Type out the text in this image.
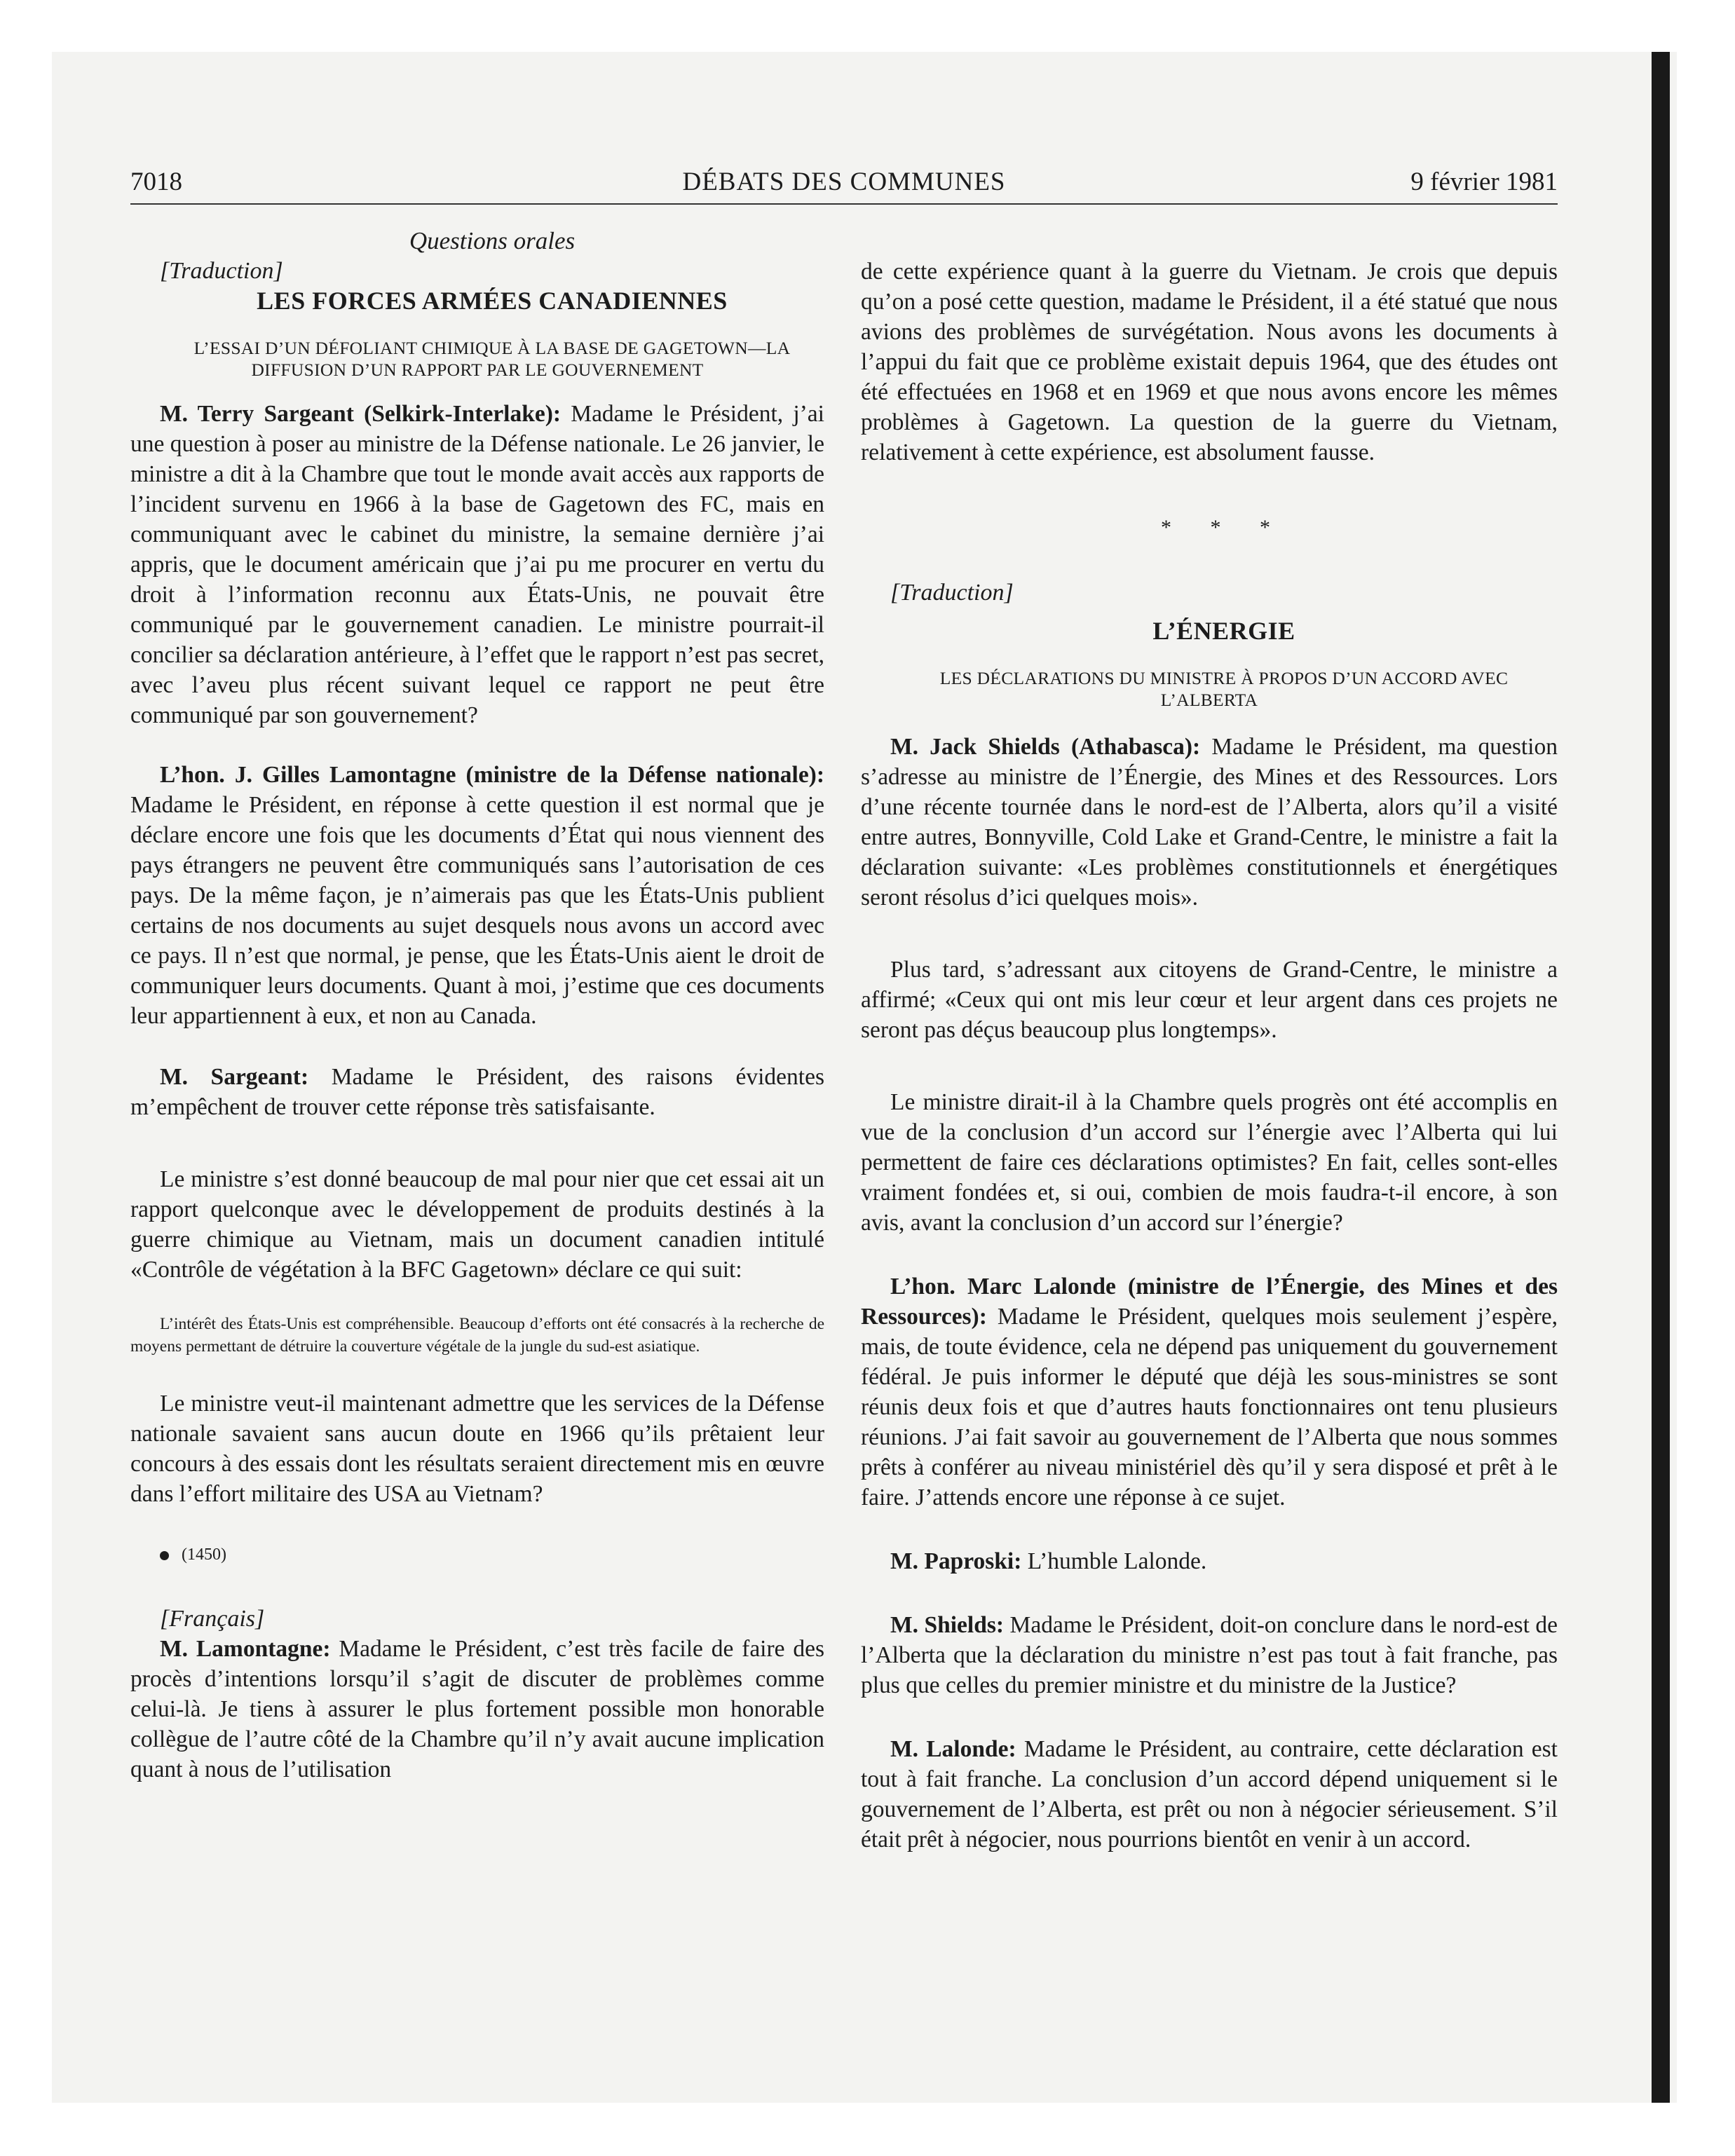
7018	DÉBATS DES COMMUNES	9 février 1981

Questions orales

[Traduction]

LES FORCES ARMÉES CANADIENNES

L’ESSAI D’UN DÉFOLIANT CHIMIQUE À LA BASE DE GAGETOWN—LA DIFFUSION D’UN RAPPORT PAR LE GOUVERNEMENT

M. Terry Sargeant (Selkirk-Interlake): Madame le Président, j’ai une question à poser au ministre de la Défense nationale. Le 26 janvier, le ministre a dit à la Chambre que tout le monde avait accès aux rapports de l’incident survenu en 1966 à la base de Gagetown des FC, mais en communiquant avec le cabinet du ministre, la semaine dernière j’ai appris, que le document américain que j’ai pu me procurer en vertu du droit à l’information reconnu aux États-Unis, ne pouvait être communiqué par le gouvernement canadien. Le ministre pourrait-il concilier sa déclaration antérieure, à l’effet que le rapport n’est pas secret, avec l’aveu plus récent suivant lequel ce rapport ne peut être communiqué par son gouvernement?

L’hon. J. Gilles Lamontagne (ministre de la Défense nationale): Madame le Président, en réponse à cette question il est normal que je déclare encore une fois que les documents d’État qui nous viennent des pays étrangers ne peuvent être communiqués sans l’autorisation de ces pays. De la même façon, je n’aimerais pas que les États-Unis publient certains de nos documents au sujet desquels nous avons un accord avec ce pays. Il n’est que normal, je pense, que les États-Unis aient le droit de communiquer leurs documents. Quant à moi, j’estime que ces documents leur appartiennent à eux, et non au Canada.

M. Sargeant: Madame le Président, des raisons évidentes m’empêchent de trouver cette réponse très satisfaisante.

Le ministre s’est donné beaucoup de mal pour nier que cet essai ait un rapport quelconque avec le développement de produits destinés à la guerre chimique au Vietnam, mais un document canadien intitulé «Contrôle de végétation à la BFC Gagetown» déclare ce qui suit:

L’intérêt des États-Unis est compréhensible. Beaucoup d’efforts ont été consacrés à la recherche de moyens permettant de détruire la couverture végétale de la jungle du sud-est asiatique.

Le ministre veut-il maintenant admettre que les services de la Défense nationale savaient sans aucun doute en 1966 qu’ils prêtaient leur concours à des essais dont les résultats seraient directement mis en œuvre dans l’effort militaire des USA au Vietnam?

(1450)

[Français]

M. Lamontagne: Madame le Président, c’est très facile de faire des procès d’intentions lorsqu’il s’agit de discuter de problèmes comme celui-là. Je tiens à assurer le plus fortement possible mon honorable collègue de l’autre côté de la Chambre qu’il n’y avait aucune implication quant à nous de l’utilisation

de cette expérience quant à la guerre du Vietnam. Je crois que depuis qu’on a posé cette question, madame le Président, il a été statué que nous avions des problèmes de survégétation. Nous avons les documents à l’appui du fait que ce problème existait depuis 1964, que des études ont été effectuées en 1968 et en 1969 et que nous avons encore les mêmes problèmes à Gagetown. La question de la guerre du Vietnam, relativement à cette expérience, est absolument fausse.

* * *

[Traduction]

L’ÉNERGIE

LES DÉCLARATIONS DU MINISTRE À PROPOS D’UN ACCORD AVEC L’ALBERTA

M. Jack Shields (Athabasca): Madame le Président, ma question s’adresse au ministre de l’Énergie, des Mines et des Ressources. Lors d’une récente tournée dans le nord-est de l’Alberta, alors qu’il a visité entre autres, Bonnyville, Cold Lake et Grand-Centre, le ministre a fait la déclaration suivante: «Les problèmes constitutionnels et énergétiques seront résolus d’ici quelques mois».

Plus tard, s’adressant aux citoyens de Grand-Centre, le ministre a affirmé; «Ceux qui ont mis leur cœur et leur argent dans ces projets ne seront pas déçus beaucoup plus longtemps».

Le ministre dirait-il à la Chambre quels progrès ont été accomplis en vue de la conclusion d’un accord sur l’énergie avec l’Alberta qui lui permettent de faire ces déclarations optimistes? En fait, celles sont-elles vraiment fondées et, si oui, combien de mois faudra-t-il encore, à son avis, avant la conclusion d’un accord sur l’énergie?

L’hon. Marc Lalonde (ministre de l’Énergie, des Mines et des Ressources): Madame le Président, quelques mois seulement j’espère, mais, de toute évidence, cela ne dépend pas uniquement du gouvernement fédéral. Je puis informer le député que déjà les sous-ministres se sont réunis deux fois et que d’autres hauts fonctionnaires ont tenu plusieurs réunions. J’ai fait savoir au gouvernement de l’Alberta que nous sommes prêts à conférer au niveau ministériel dès qu’il y sera disposé et prêt à le faire. J’attends encore une réponse à ce sujet.

M. Paproski: L’humble Lalonde.

M. Shields: Madame le Président, doit-on conclure dans le nord-est de l’Alberta que la déclaration du ministre n’est pas tout à fait franche, pas plus que celles du premier ministre et du ministre de la Justice?

M. Lalonde: Madame le Président, au contraire, cette déclaration est tout à fait franche. La conclusion d’un accord dépend uniquement si le gouvernement de l’Alberta, est prêt ou non à négocier sérieusement. S’il était prêt à négocier, nous pourrions bientôt en venir à un accord.
